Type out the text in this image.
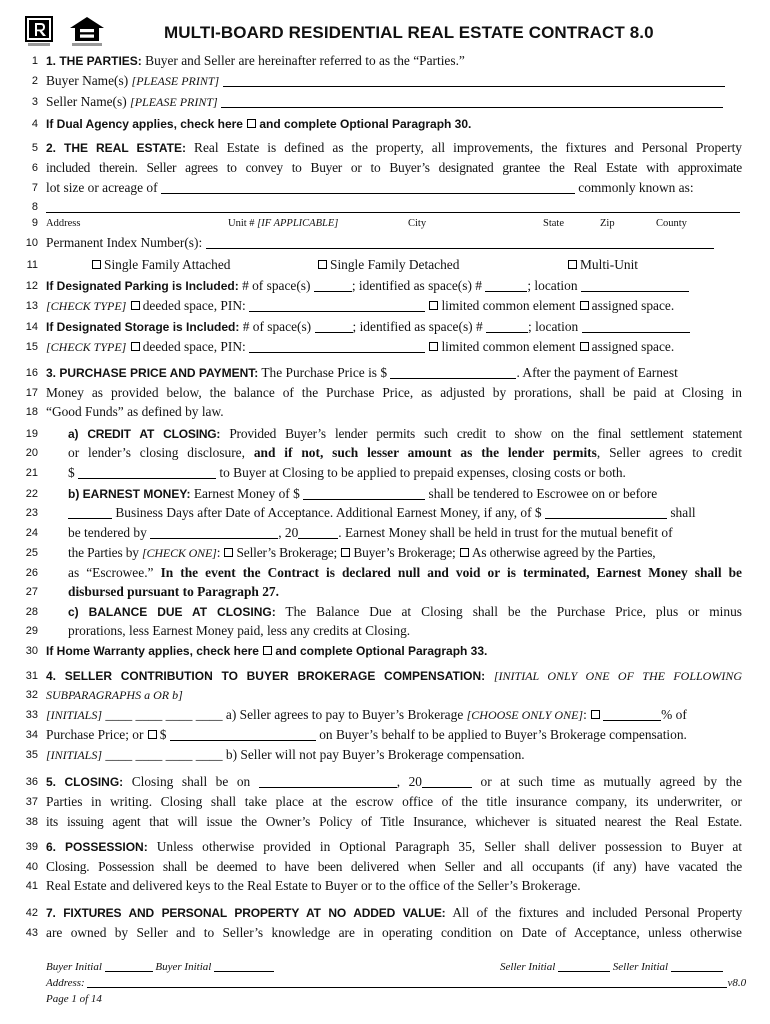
MULTI-BOARD RESIDENTIAL REAL ESTATE CONTRACT 8.0
1 1. THE PARTIES: Buyer and Seller are hereinafter referred to as the “Parties.”
2 Buyer Name(s) [PLEASE PRINT]
3 Seller Name(s) [PLEASE PRINT]
4 If Dual Agency applies, check here and complete Optional Paragraph 30.
5 2. THE REAL ESTATE: Real Estate is defined as the property, all improvements, the fixtures and Personal Property
6 included therein. Seller agrees to convey to Buyer or to Buyer’s designated grantee the Real Estate with approximate
7 lot size or acreage of	commonly known as:
8
9 Address	Unit # [IF APPLICABLE]	City	State	Zip	County
10 Permanent Index Number(s):
11	Single Family Attached	Single Family Detached	Multi-Unit
12 If Designated Parking is Included: # of space(s)	; identified as space(s) #	; location
13 [CHECK TYPE] deeded space, PIN:	limited common element assigned space.
14 If Designated Storage is Included: # of space(s)	; identified as space(s) #	; location
15 [CHECK TYPE] deeded space, PIN:	limited common element assigned space.
16 3. PURCHASE PRICE AND PAYMENT: The Purchase Price is $	. After the payment of Earnest
17 Money as provided below, the balance of the Purchase Price, as adjusted by prorations, shall be paid at Closing in
18 “Good Funds” as defined by law.
19	a) CREDIT AT CLOSING: Provided Buyer’s lender permits such credit to show on the final settlement statement
20 or lender’s closing disclosure, and if not, such lesser amount as the lender permits, Seller agrees to credit
21 $	to Buyer at Closing to be applied to prepaid expenses, closing costs or both.
22	b) EARNEST MONEY: Earnest Money of $	shall be tendered to Escrowee on or before
23	Business Days after Date of Acceptance. Additional Earnest Money, if any, of $	shall
24 be tendered by	, 20	. Earnest Money shall be held in trust for the mutual benefit of
25 the Parties by [CHECK ONE]: Seller’s Brokerage; Buyer’s Brokerage; As otherwise agreed by the Parties,
26 as “Escrowee.” In the event the Contract is declared null and void or is terminated, Earnest Money shall be
27 disbursed pursuant to Paragraph 27.
28	c) BALANCE DUE AT CLOSING: The Balance Due at Closing shall be the Purchase Price, plus or minus
29 prorations, less Earnest Money paid, less any credits at Closing.
30 If Home Warranty applies, check here and complete Optional Paragraph 33.
31 4. SELLER CONTRIBUTION TO BUYER BROKERAGE COMPENSATION: [INITIAL ONLY ONE OF THE FOLLOWING
32 SUBPARAGRAPHS a OR b]
33 [INITIALS] ____ ____ ____ ____ a) Seller agrees to pay to Buyer’s Brokerage [CHOOSE ONLY ONE]:	% of
34 Purchase Price; or $	on Buyer’s behalf to be applied to Buyer’s Brokerage compensation.
35 [INITIALS] ____ ____ ____ ____ b) Seller will not pay Buyer’s Brokerage compensation.
36 5. CLOSING: Closing shall be on	, 20	or at such time as mutually agreed by the
37 Parties in writing. Closing shall take place at the escrow office of the title insurance company, its underwriter, or
38 its issuing agent that will issue the Owner’s Policy of Title Insurance, whichever is situated nearest the Real Estate.
39 6. POSSESSION: Unless otherwise provided in Optional Paragraph 35, Seller shall deliver possession to Buyer at
40 Closing. Possession shall be deemed to have been delivered when Seller and all occupants (if any) have vacated the
41 Real Estate and delivered keys to the Real Estate to Buyer or to the office of the Seller’s Brokerage.
42 7. FIXTURES AND PERSONAL PROPERTY AT NO ADDED VALUE: All of the fixtures and included Personal Property
43 are owned by Seller and to Seller’s knowledge are in operating condition on Date of Acceptance, unless otherwise
Buyer Initial	Buyer Initial	Seller Initial	Seller Initial
Address:	v8.0
Page 1 of 14
